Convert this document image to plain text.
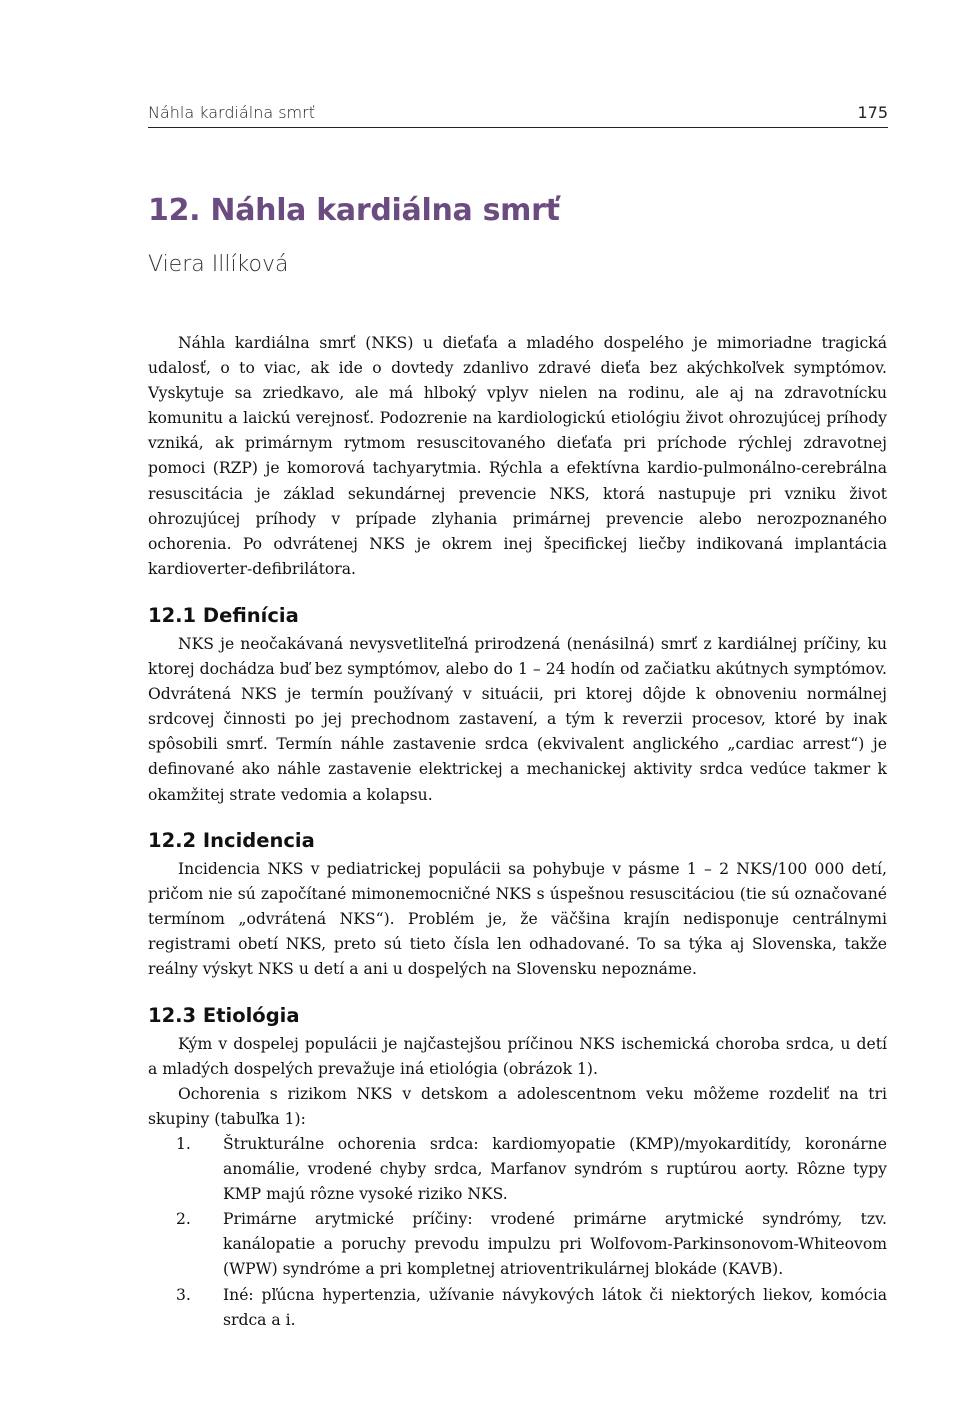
Náhla kardiálna smrť	175
12. Náhla kardiálna smrť

Viera Illíková

Náhla kardiálna smrť (NKS) u dieťaťa a mladého dospelého je mimoriadne tragická udalosť, o to viac, ak ide o dovtedy zdanlivo zdravé dieťa bez akýchkoľvek symptómov. Vyskytuje sa zriedkavo, ale má hlboký vplyv nielen na rodinu, ale aj na zdravotnícku komunitu a laickú verejnosť. Podozrenie na kardiologickú etiológiu život ohrozujúcej príhody vzniká, ak primárnym rytmom resuscitovaného dieťaťa pri príchode rýchlej zdravotnej pomoci (RZP) je komorová tachyarytmia. Rýchla a efektívna kardio-pulmonálno-cerebrálna resuscitácia je základ sekundárnej prevencie NKS, ktorá nastupuje pri vzniku život ohrozujúcej príhody v prípade zlyhania primárnej prevencie alebo nerozpoznaného ochorenia. Po odvrátenej NKS je okrem inej špecifickej liečby indikovaná implantácia kardioverter-defibrilátora.

12.1 Definícia

NKS je neočakávaná nevysvetliteľná prirodzená (nenásilná) smrť z kardiálnej príčiny, ku ktorej dochádza buď bez symptómov, alebo do 1 – 24 hodín od začiatku akútnych symptómov. Odvrátená NKS je termín používaný v situácii, pri ktorej dôjde k obnoveniu normálnej srdcovej činnosti po jej prechodnom zastavení, a tým k reverzii procesov, ktoré by inak spôsobili smrť. Termín náhle zastavenie srdca (ekvivalent anglického „cardiac arrest“) je definované ako náhle zastavenie elektrickej a mechanickej aktivity srdca vedúce takmer k okamžitej strate vedomia a kolapsu.

12.2 Incidencia

Incidencia NKS v pediatrickej populácii sa pohybuje v pásme 1 – 2 NKS/100 000 detí, pričom nie sú započítané mimonemocničné NKS s úspešnou resuscitáciou (tie sú označované termínom „odvrátená NKS“). Problém je, že väčšina krajín nedisponuje centrálnymi registrami obetí NKS, preto sú tieto čísla len odhadované. To sa týka aj Slovenska, takže reálny výskyt NKS u detí a ani u dospelých na Slovensku nepoznáme.

12.3 Etiológia

Kým v dospelej populácii je najčastejšou príčinou NKS ischemická choroba srdca, u detí a mladých dospelých prevažuje iná etiológia (obrázok 1).

Ochorenia s rizikom NKS v detskom a adolescentnom veku môžeme rozdeliť na tri skupiny (tabuľka 1):

1. Štrukturálne ochorenia srdca: kardiomyopatie (KMP)/myokarditídy, koronárne anomálie, vrodené chyby srdca, Marfanov syndróm s ruptúrou aorty. Rôzne typy KMP majú rôzne vysoké riziko NKS.
2. Primárne arytmické príčiny: vrodené primárne arytmické syndrómy, tzv. kanálopatie a poruchy prevodu impulzu pri Wolfovom-Parkinsonovom-Whiteovom (WPW) syndróme a pri kompletnej atrioventrikulárnej blokáde (KAVB).
3. Iné: pľúcna hypertenzia, užívanie návykových látok či niektorých liekov, komócia srdca a i.
